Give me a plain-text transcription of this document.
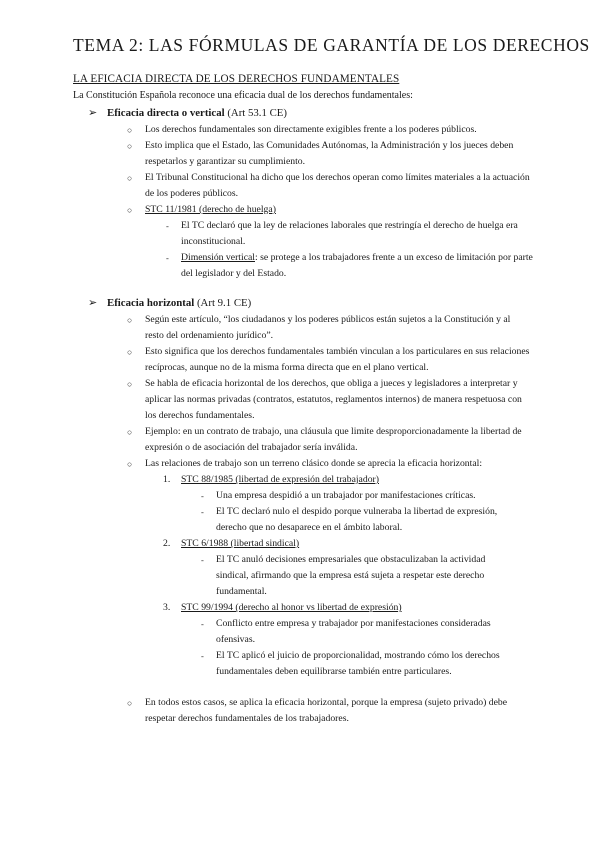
TEMA 2: LAS FÓRMULAS DE GARANTÍA DE LOS DERECHOS
LA EFICACIA DIRECTA DE LOS DERECHOS FUNDAMENTALES
La Constitución Española reconoce una eficacia dual de los derechos fundamentales:
➢ Eficacia directa o vertical (Art 53.1 CE)
○ Los derechos fundamentales son directamente exigibles frente a los poderes públicos.
○ Esto implica que el Estado, las Comunidades Autónomas, la Administración y los jueces deben respetarlos y garantizar su cumplimiento.
○ El Tribunal Constitucional ha dicho que los derechos operan como límites materiales a la actuación de los poderes públicos.
○ STC 11/1981 (derecho de huelga)
- El TC declaró que la ley de relaciones laborales que restringía el derecho de huelga era inconstitucional.
- Dimensión vertical: se protege a los trabajadores frente a un exceso de limitación por parte del legislador y del Estado.
➢ Eficacia horizontal (Art 9.1 CE)
○ Según este artículo, “los ciudadanos y los poderes públicos están sujetos a la Constitución y al resto del ordenamiento jurídico”.
○ Esto significa que los derechos fundamentales también vinculan a los particulares en sus relaciones recíprocas, aunque no de la misma forma directa que en el plano vertical.
○ Se habla de eficacia horizontal de los derechos, que obliga a jueces y legisladores a interpretar y aplicar las normas privadas (contratos, estatutos, reglamentos internos) de manera respetuosa con los derechos fundamentales.
○ Ejemplo: en un contrato de trabajo, una cláusula que limite desproporcionadamente la libertad de expresión o de asociación del trabajador sería inválida.
○ Las relaciones de trabajo son un terreno clásico donde se aprecia la eficacia horizontal:
1. STC 88/1985 (libertad de expresión del trabajador)
- Una empresa despidió a un trabajador por manifestaciones críticas.
- El TC declaró nulo el despido porque vulneraba la libertad de expresión, derecho que no desaparece en el ámbito laboral.
2. STC 6/1988 (libertad sindical)
- El TC anuló decisiones empresariales que obstaculizaban la actividad sindical, afirmando que la empresa está sujeta a respetar este derecho fundamental.
3. STC 99/1994 (derecho al honor vs libertad de expresión)
- Conflicto entre empresa y trabajador por manifestaciones consideradas ofensivas.
- El TC aplicó el juicio de proporcionalidad, mostrando cómo los derechos fundamentales deben equilibrarse también entre particulares.
○ En todos estos casos, se aplica la eficacia horizontal, porque la empresa (sujeto privado) debe respetar derechos fundamentales de los trabajadores.
